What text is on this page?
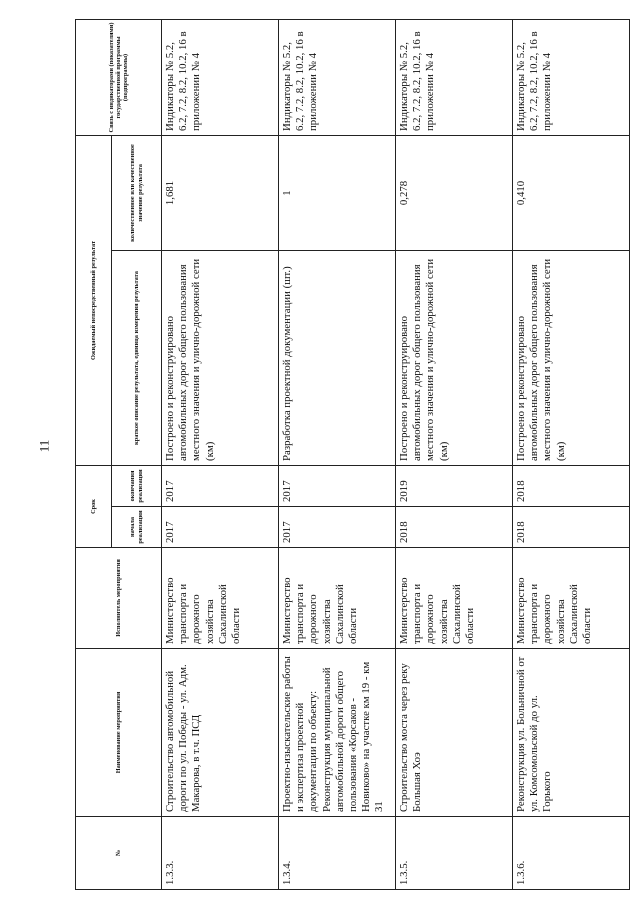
11
№	Наименование мероприятия	Исполнитель мероприятия	Срок		Ожидаемый непосредственный результат		Связь с индикаторами (показателями) государственной программы (подпрограммы)
			начала реализации	окончания реализации	краткое описание результата, единица измерения результата	количественное или качественное значение результата	
1.3.3.	Строительство автомобильной дороги по ул. Победы - ул. Адм. Макарова, в т.ч. ПСД	Министерство транспорта и дорожного хозяйства Сахалинской области	2017	2017	Построено и реконструировано автомобильных дорог общего пользования местного значения и улично-дорожной сети (км)	1,681	Индикаторы № 5.2, 6.2, 7.2, 8.2, 10.2, 16 в приложении № 4
1.3.4.	Проектно-изыскательские работы и экспертиза проектной документации по объекту: Реконструкция муниципальной автомобильной дороги общего пользования «Корсаков - Новиково» на участке км 19 - км 31	Министерство транспорта и дорожного хозяйства Сахалинской области	2017	2017	Разработка проектной документации (шт.)	1	Индикаторы № 5.2, 6.2, 7.2, 8.2, 10.2, 16 в приложении № 4
1.3.5.	Строительство моста через реку Большая Хоэ	Министерство транспорта и дорожного хозяйства Сахалинской области	2018	2019	Построено и реконструировано автомобильных дорог общего пользования местного значения и улично-дорожной сети (км)	0,278	Индикаторы № 5.2, 6.2, 7.2, 8.2, 10.2, 16 в приложении № 4
1.3.6.	Реконструкция ул. Больничной от ул. Комсомольской до ул. Горького	Министерство транспорта и дорожного хозяйства Сахалинской области	2018	2018	Построено и реконструировано автомобильных дорог общего пользования местного значения и улично-дорожной сети (км)	0,410	Индикаторы № 5.2, 6.2, 7.2, 8.2, 10.2, 16 в приложении № 4
